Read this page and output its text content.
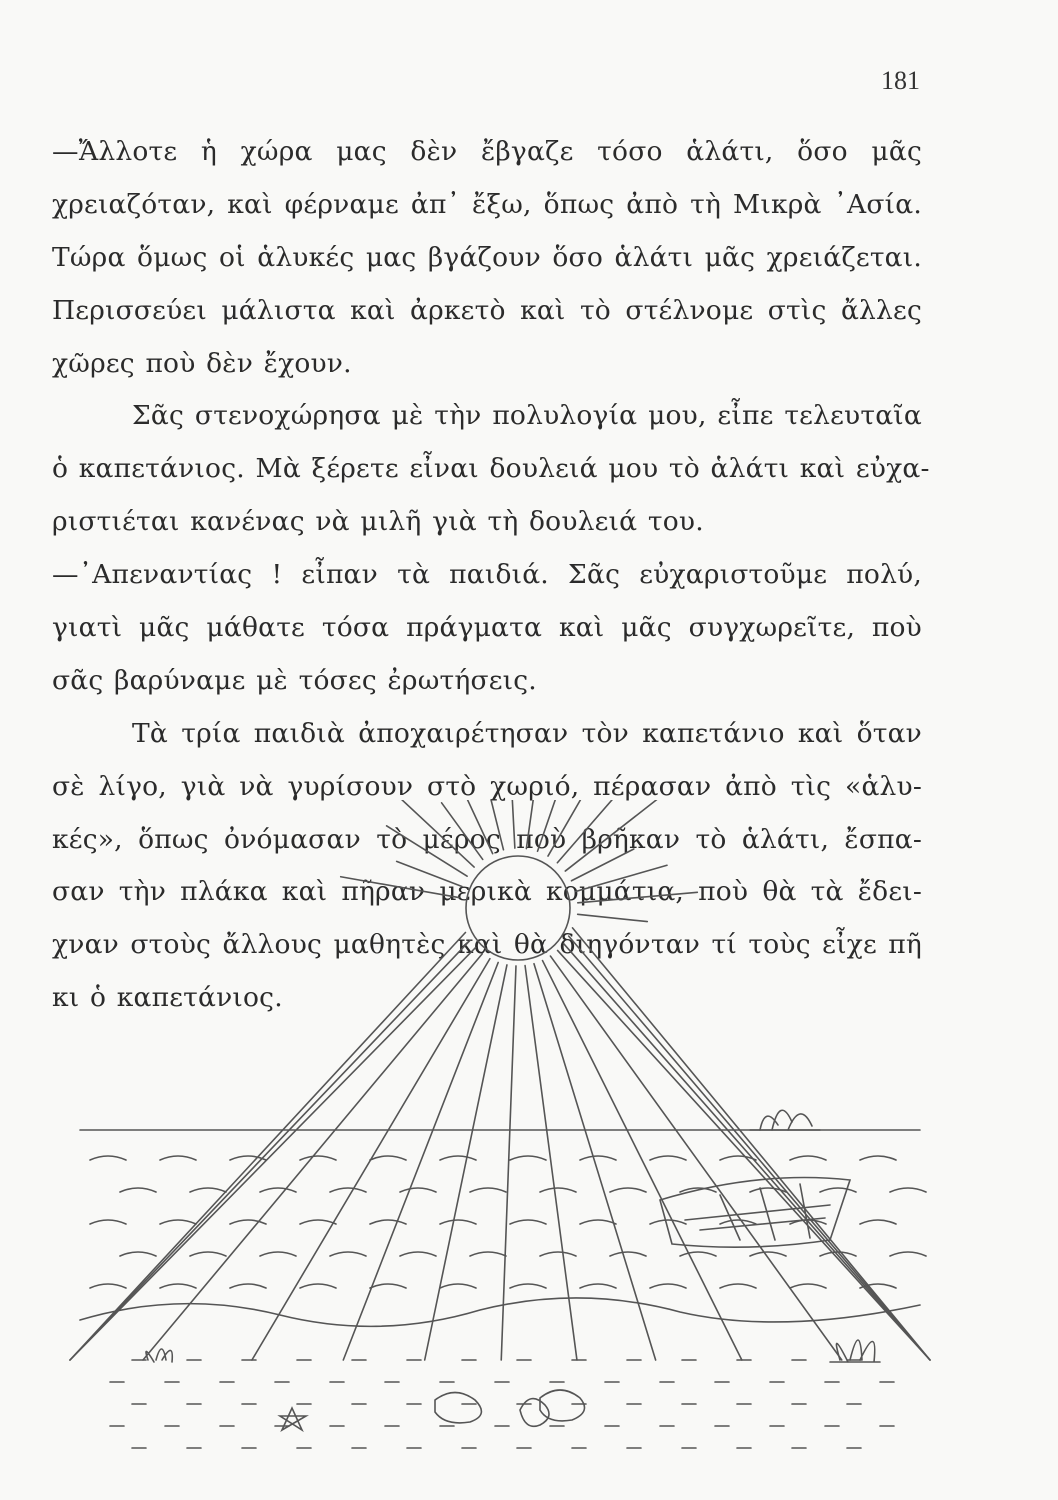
181
—Ἄλλοτε ἡ χώρα μας δὲν ἔβγαζε τόσο ἁλάτι, ὅσο μᾶς
χρειαζόταν, καὶ φέρναμε ἀπ᾽ ἔξω, ὅπως ἀπὸ τὴ Μικρὰ ᾽Ασία.
Τώρα ὅμως οἱ ἁλυκές μας βγάζουν ὅσο ἁλάτι μᾶς χρειάζεται.
Περισσεύει μάλιστα καὶ ἀρκετὸ καὶ τὸ στέλνομε στὶς ἄλλες
χῶρες ποὺ δὲν ἔχουν.
Σᾶς στενοχώρησα μὲ τὴν πολυλογία μου, εἶπε τελευταῖα
ὁ καπετάνιος. Μὰ ξέρετε εἶναι δουλειά μου τὸ ἁλάτι καὶ εὐχα-
ριστιέται κανένας νὰ μιλῆ γιὰ τὴ δουλειά του.
—᾽Απεναντίας ! εἶπαν τὰ παιδιά. Σᾶς εὐχαριστοῦμε πολύ,
γιατὶ μᾶς μάθατε τόσα πράγματα καὶ μᾶς συγχωρεῖτε, ποὺ
σᾶς βαρύναμε μὲ τόσες ἐρωτήσεις.
Τὰ τρία παιδιὰ ἀποχαιρέτησαν τὸν καπετάνιο καὶ ὅταν
σὲ λίγο, γιὰ νὰ γυρίσουν στὸ χωριό, πέρασαν ἀπὸ τὶς «ἁλυ-
κές», ὅπως ὀνόμασαν τὸ μέρος ποὺ βρῆκαν τὸ ἁλάτι, ἔσπα-
σαν τὴν πλάκα καὶ πῆραν μερικὰ κομμάτια, ποὺ θὰ τὰ ἔδει-
χναν στοὺς ἄλλους μαθητὲς καὶ θὰ διηγόνταν τί τοὺς εἶχε πῆ
κι ὁ καπετάνιος.
